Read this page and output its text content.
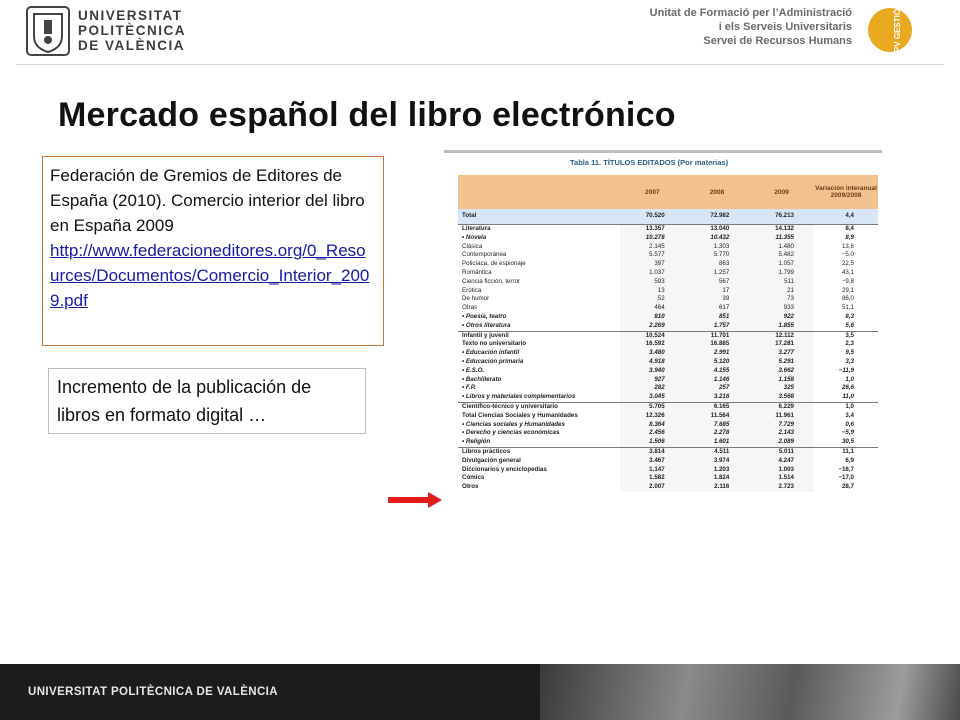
UNIVERSITAT
POLITÈCNICA
DE VALÈNCIA
Unitat de Formació per l’Administració
i els Serveis Universitaris
Servei de Recursos Humans	UPV GESTIÓN
Mercado español del libro electrónico
Federación de Gremios de Editores de España (2010). Comercio interior del libro en España 2009
http://www.federacioneditores.org/0_Resources/Documentos/Comercio_Interior_2009.pdf
Incremento de la publicación de libros en formato digital …
Tabla 11. TÍTULOS EDITADOS (Por materias)
	2007	2008	2009	Variación interanual 2009/2008
Total	70.520	72.982	76.213	4,4
Literatura	13.357	13.040	14.132	8,4
• Novela	10.278	10.432	11.355	8,9
Clásica	2.145	1.303	1.480	13,6
Contemporánea	5.577	5.770	5.482	−5,0
Policíaca, de espionaje	397	863	1.057	22,5
Romántica	1.037	1.257	1.799	43,1
Ciencia ficción, terror	593	567	511	−9,8
Erótica	13	17	21	29,1
De humor	52	39	73	86,0
Otras	464	617	933	51,1
• Poesía, teatro	810	851	922	8,3
• Otros literatura	2.269	1.757	1.855	5,6
Infantil y juvenil	10.524	11.701	12.112	3,5
Texto no universitario	16.592	16.885	17.281	2,3
• Educación infantil	3.480	2.991	3.277	9,5
• Educación primaria	4.918	5.120	5.291	3,3
• E.S.O.	3.940	4.155	3.662	−11,9
• Bachillerato	927	1.146	1.158	1,0
• F.P.	282	257	325	26,6
• Libros y materiales complementarios	3.045	3.216	3.568	11,0
Científico-técnico y universitario	5.705	6.165	6.229	1,0
Total Ciencias Sociales y Humanidades	12.326	11.564	11.961	3,4
• Ciencias sociales y Humanidades	8.364	7.685	7.729	0,6
• Derecho y ciencias económicas	2.456	2.278	2.143	−5,9
• Religión	1.506	1.601	2.089	30,5
Libros prácticos	3.814	4.511	5.011	11,1
Divulgación general	3.467	3.974	4.247	6,9
Diccionarios y enciclopedias	1.147	1.203	1.003	−16,7
Cómics	1.582	1.824	1.514	−17,0
Otros	2.007	2.116	2.723	28,7
UNIVERSITAT POLITÈCNICA DE VALÈNCIA
